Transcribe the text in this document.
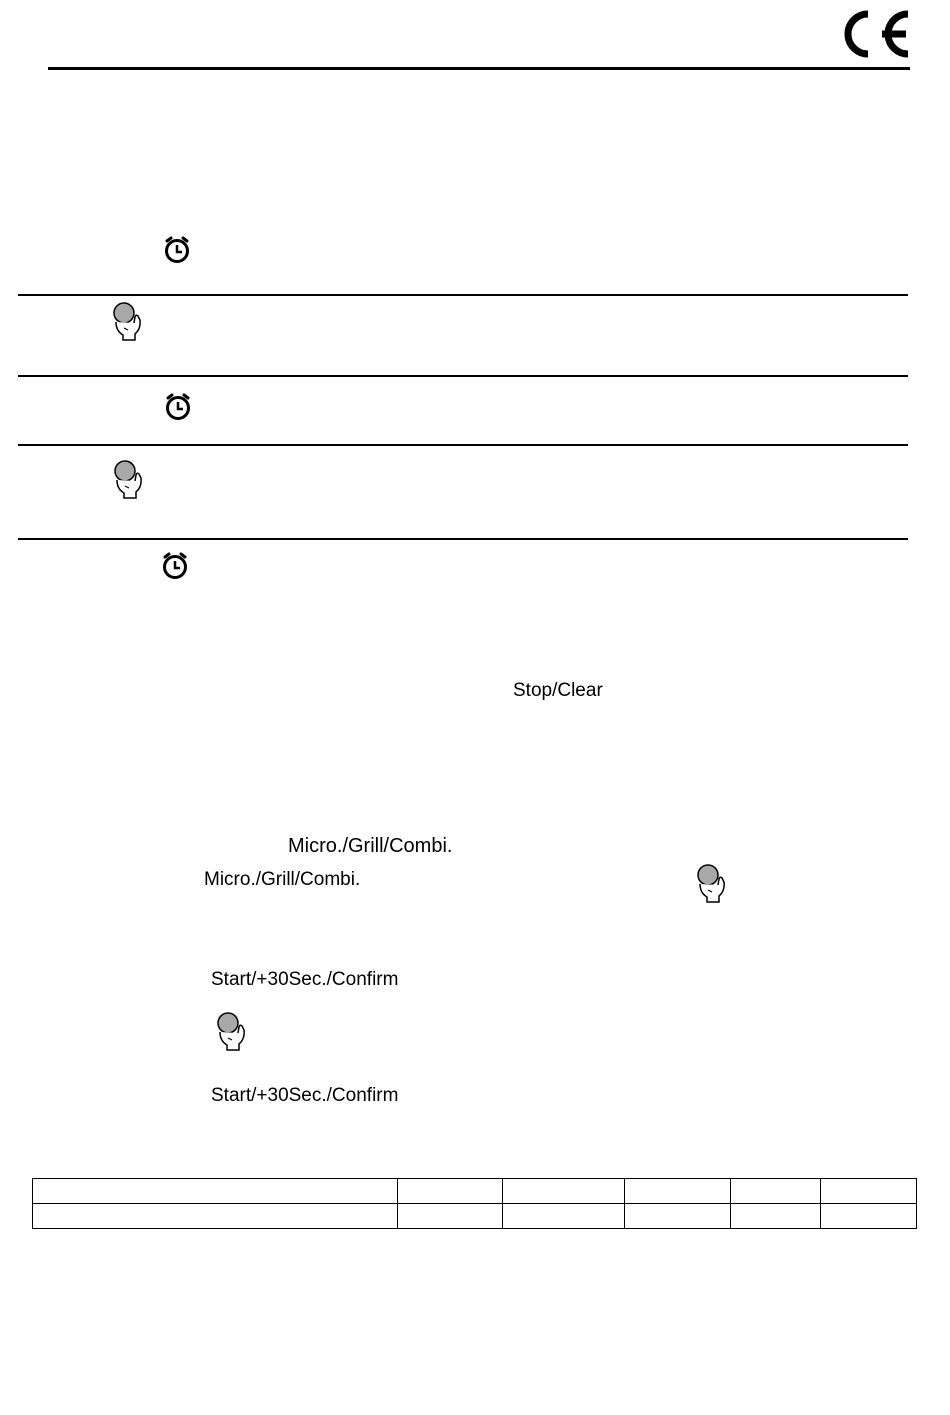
Stop/Clear
Micro./Grill/Combi.
Micro./Grill/Combi.
Start/+30Sec./Confirm
Start/+30Sec./Confirm
